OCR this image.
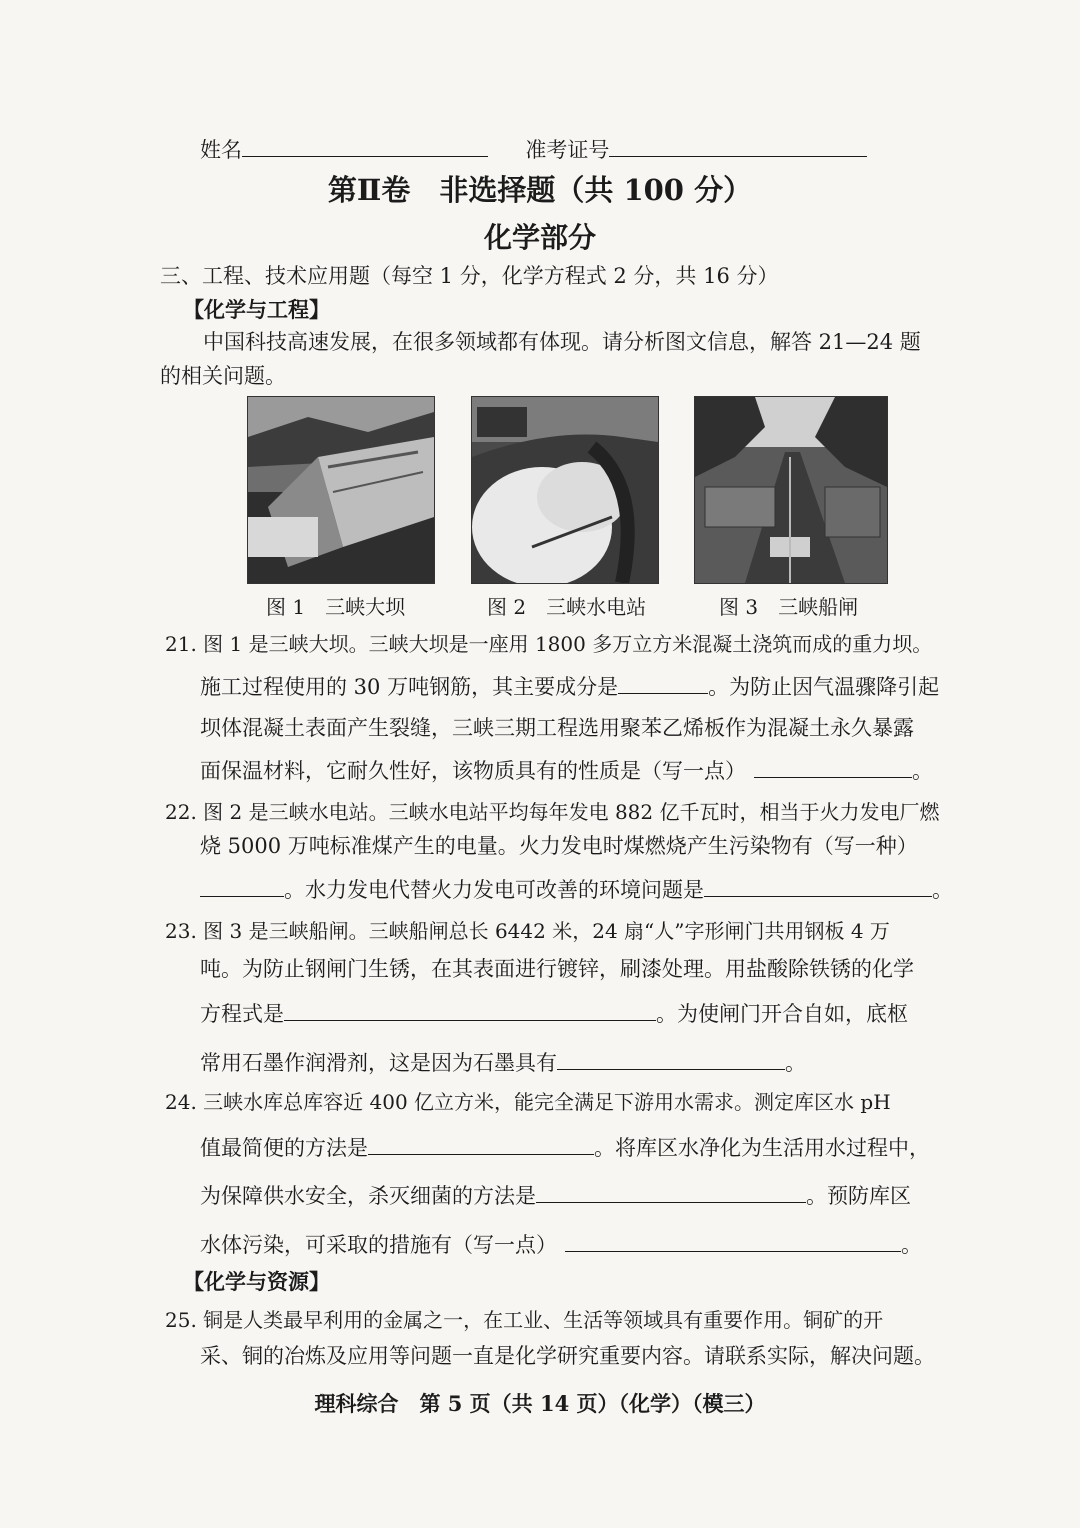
姓名	准考证号
第Ⅱ卷　非选择题（共 100 分）
化学部分
三、工程、技术应用题（每空 1 分，化学方程式 2 分，共 16 分）
【化学与工程】
中国科技高速发展，在很多领域都有体现。请分析图文信息，解答 21—24 题
的相关问题。
图 1　三峡大坝	图 2　三峡水电站	图 3　三峡船闸
21. 图 1 是三峡大坝。三峡大坝是一座用 1800 多万立方米混凝土浇筑而成的重力坝。
施工过程使用的 30 万吨钢筋，其主要成分是	。为防止因气温骤降引起
坝体混凝土表面产生裂缝，三峡三期工程选用聚苯乙烯板作为混凝土永久暴露
面保温材料，它耐久性好，该物质具有的性质是（写一点）	。
22. 图 2 是三峡水电站。三峡水电站平均每年发电 882 亿千瓦时，相当于火力发电厂燃
烧 5000 万吨标准煤产生的电量。火力发电时煤燃烧产生污染物有（写一种）
。水力发电代替火力发电可改善的环境问题是	。
23. 图 3 是三峡船闸。三峡船闸总长 6442 米，24 扇“人”字形闸门共用钢板 4 万
吨。为防止钢闸门生锈，在其表面进行镀锌，刷漆处理。用盐酸除铁锈的化学
方程式是	。为使闸门开合自如，底枢
常用石墨作润滑剂，这是因为石墨具有	。
24. 三峡水库总库容近 400 亿立方米，能完全满足下游用水需求。测定库区水 pH
值最简便的方法是	。将库区水净化为生活用水过程中，
为保障供水安全，杀灭细菌的方法是	。预防库区
水体污染，可采取的措施有（写一点）	。
【化学与资源】
25. 铜是人类最早利用的金属之一，在工业、生活等领域具有重要作用。铜矿的开
采、铜的冶炼及应用等问题一直是化学研究重要内容。请联系实际，解决问题。
理科综合　第 5 页（共 14 页）（化学）（模三）
